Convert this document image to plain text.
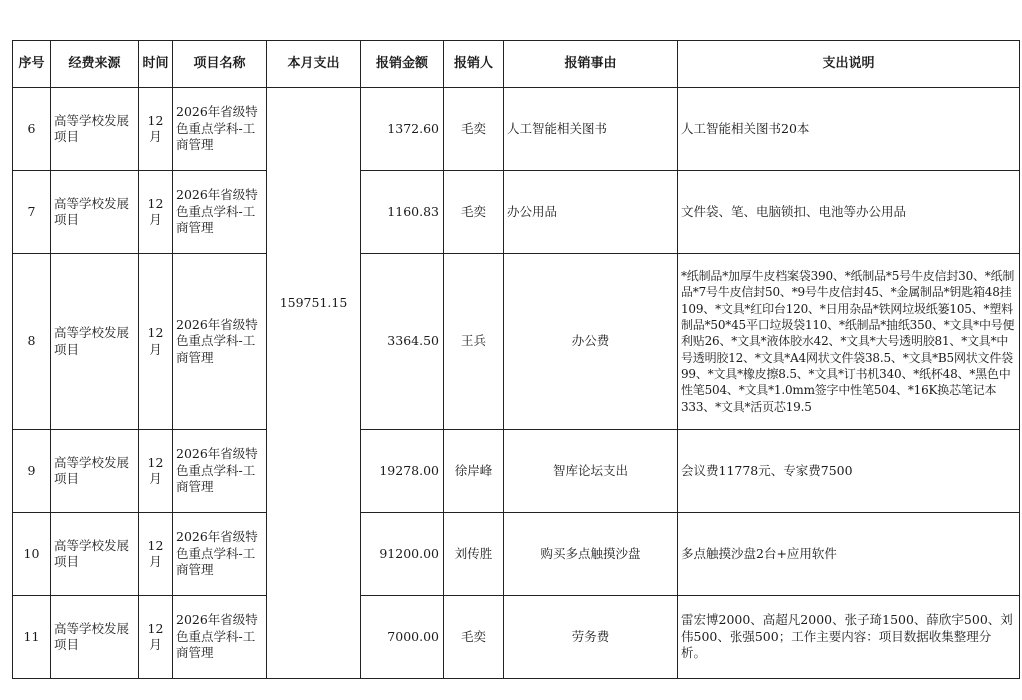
序号	经费来源	时间	项目名称	本月支出	报销金额	报销人	报销事由	支出说明
6	高等学校发展项目	12月	2026年省级特色重点学科-工商管理	159751.15	1372.60	毛奕	人工智能相关图书	人工智能相关图书20本
7	高等学校发展项目	12月	2026年省级特色重点学科-工商管理		1160.83	毛奕	办公用品	文件袋、笔、电脑锁扣、电池等办公用品
8	高等学校发展项目	12月	2026年省级特色重点学科-工商管理		3364.50	王兵	办公费	*纸制品*加厚牛皮档案袋390、*纸制品*5号牛皮信封30、*纸制品*7号牛皮信封50、*9号牛皮信封45、*金属制品*钥匙箱48挂109、*文具*红印台120、*日用杂品*铁网垃圾纸篓105、*塑料制品*50*45平口垃圾袋110、*纸制品*抽纸350、*文具*中号便利贴26、*文具*液体胶水42、*文具*大号透明胶81、*文具*中号透明胶12、*文具*A4网状文件袋38.5、*文具*B5网状文件袋99、*文具*橡皮擦8.5、*文具*订书机340、*纸杯48、*黑色中性笔504、*文具*1.0mm签字中性笔504、*16K换芯笔记本333、*文具*活页芯19.5
9	高等学校发展项目	12月	2026年省级特色重点学科-工商管理		19278.00	徐岸峰	智库论坛支出	会议费11778元、专家费7500
10	高等学校发展项目	12月	2026年省级特色重点学科-工商管理		91200.00	刘传胜	购买多点触摸沙盘	多点触摸沙盘2台+应用软件
11	高等学校发展项目	12月	2026年省级特色重点学科-工商管理		7000.00	毛奕	劳务费	雷宏博2000、高超凡2000、张子琦1500、薛欣宇500、刘伟500、张强500；工作主要内容：项目数据收集整理分析。
